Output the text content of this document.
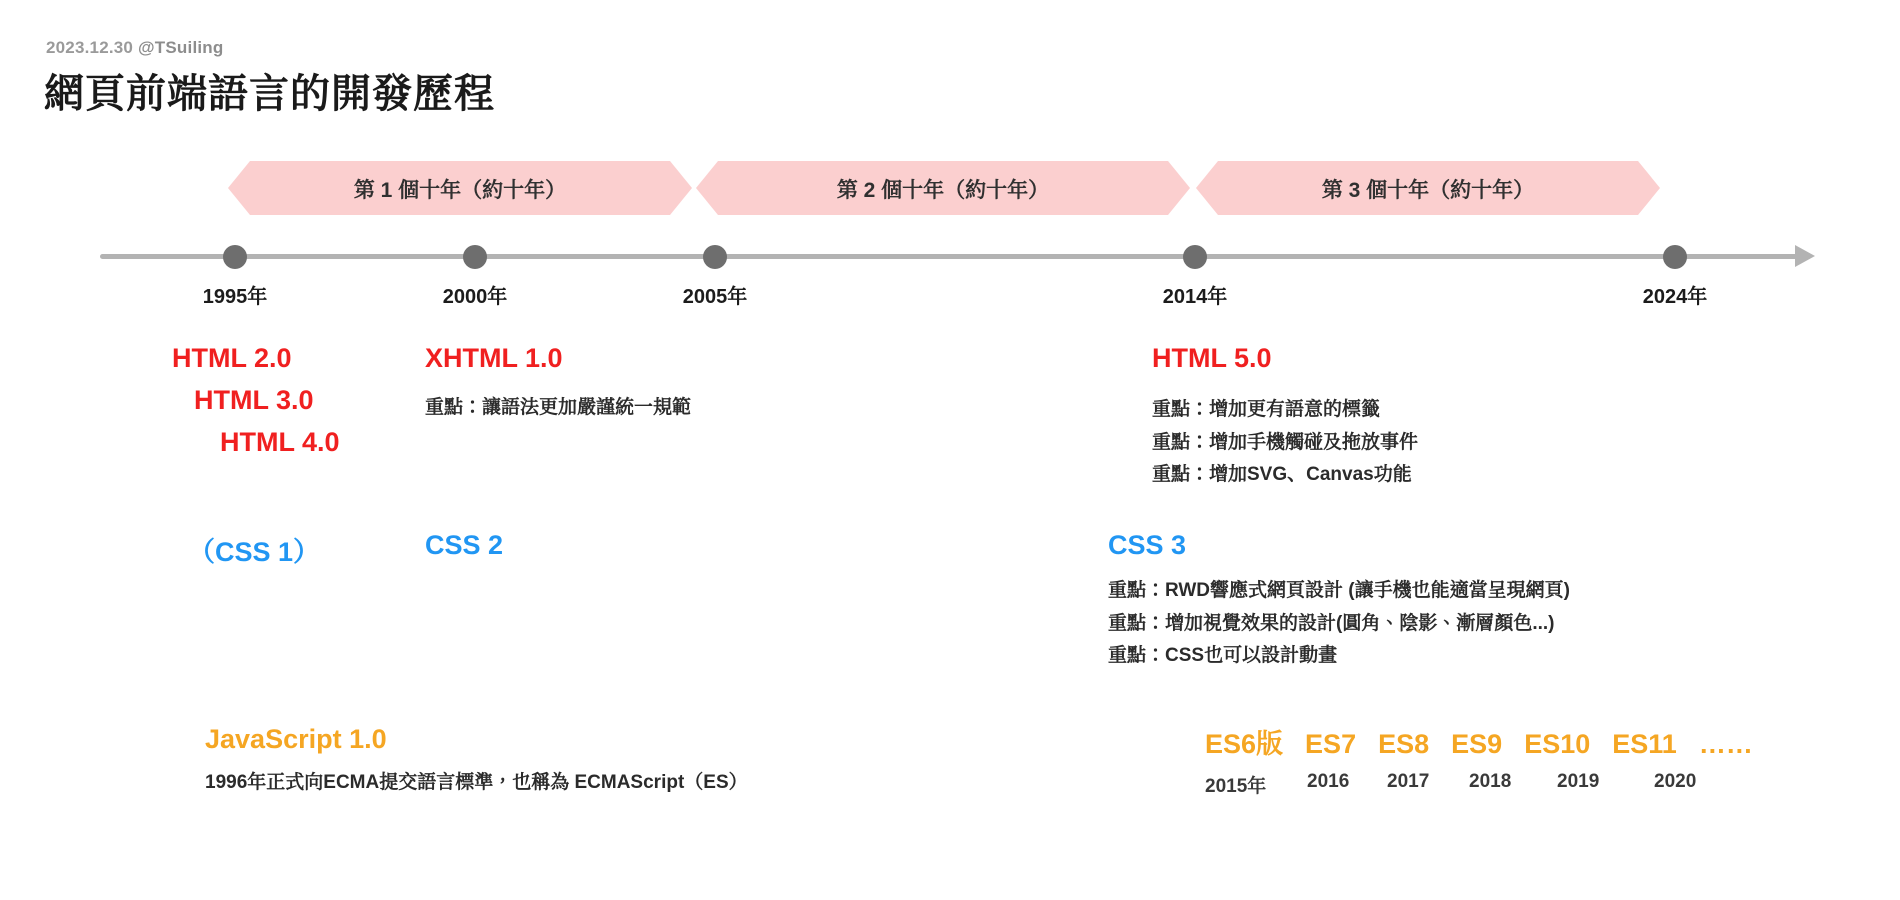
2023.12.30 @TSuiling
網頁前端語言的開發歷程
第 1 個十年（約十年）	第 2 個十年（約十年）	第 3 個十年（約十年）
1995年	2000年	2005年	2014年	2024年
HTML 2.0
HTML 3.0
HTML 4.0
XHTML 1.0
重點：讓語法更加嚴謹統一規範
HTML 5.0
重點：增加更有語意的標籤
重點：增加手機觸碰及拖放事件
重點：增加SVG、Canvas功能
（CSS 1）	CSS 2	CSS 3
重點：RWD響應式網頁設計 (讓手機也能適當呈現網頁)
重點：增加視覺效果的設計(圓角、陰影、漸層顏色...)
重點：CSS也可以設計動畫
JavaScript 1.0
1996年正式向ECMA提交語言標準，也稱為 ECMAScript（ES）
ES6版 ES7 ES8 ES9 ES10 ES11 ……
2015年	2016	2017	2018	2019	2020
